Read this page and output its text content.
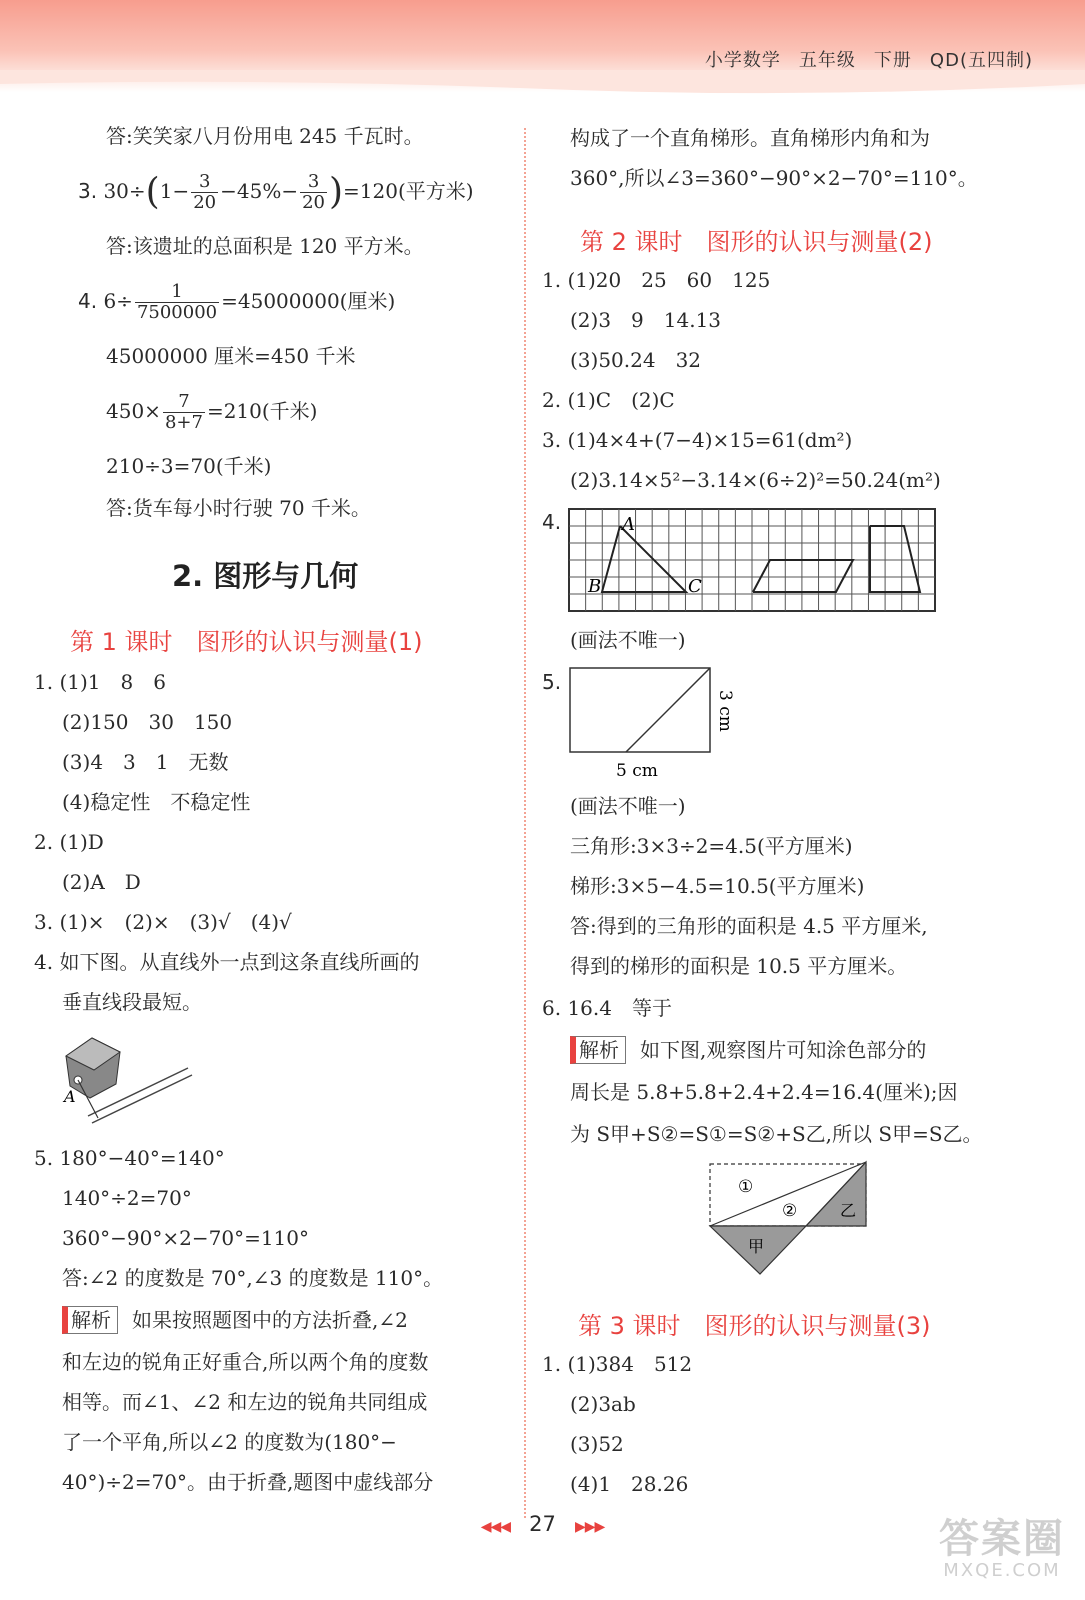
小学数学 五年级 下册 QD(五四制)
答:笑笑家八月份用电 245 千瓦时。
3. $30\div(1- \frac{3}{20} -45\%- \frac{3}{20} )=120$(平方米)
答:该遗址的总面积是 120 平方米。
4. $6\div \frac{1}{7500000} =45000000$(厘米)
45000000 厘米=450 千米
$450\times \frac{7}{8+7} =210$(千米)
210÷3=70(千米)
答:货车每小时行驶 70 千米。
2. 图形与几何
第 1 课时　图形的认识与测量(1)
1. (1)1　8　6
(2)150　30　150
(3)4　3　1　无数
(4)稳定性　不稳定性
2. (1)D
(2)A　D
3. (1)×　(2)×　(3)√　(4)√
4. 如下图。从直线外一点到这条直线所画的
垂直线段最短。
A
5. 180°−40°=140°
140°÷2=70°
360°−90°×2−70°=110°
答:∠2 的度数是 70°,∠3 的度数是 110°。
解析 如果按照题图中的方法折叠,∠2
和左边的锐角正好重合,所以两个角的度数
相等。而∠1、∠2 和左边的锐角共同组成
了一个平角,所以∠2 的度数为(180°−
40°)÷2=70°。由于折叠,题图中虚线部分
构成了一个直角梯形。直角梯形内角和为
360°,所以∠3=360°−90°×2−70°=110°。
第 2 课时　图形的认识与测量(2)
1. (1)20　25　60　125
(2)3　9　14.13
(3)50.24　32
2. (1)C　(2)C
3. (1)4×4+(7−4)×15=61(dm²)
(2)3.14×5²−3.14×(6÷2)²=50.24(m²)
4.	A
B	C
(画法不唯一)
5.
5 cm
3 cm
(画法不唯一)
三角形:3×3÷2=4.5(平方厘米)
梯形:3×5−4.5=10.5(平方厘米)
答:得到的三角形的面积是 4.5 平方厘米,
得到的梯形的面积是 10.5 平方厘米。
6. 16.4　等于
解析 如下图,观察图片可知涂色部分的
周长是 5.8+5.8+2.4+2.4=16.4(厘米);因
为 S甲+S②=S①=S②+S乙,所以 S甲=S乙。
①
②	乙
甲
第 3 课时　图形的认识与测量(3)
1. (1)384　512
(2)3ab
(3)52
(4)1　28.26
◀◀◀ 27 ▶▶▶	答案圈
MXQE.COM
